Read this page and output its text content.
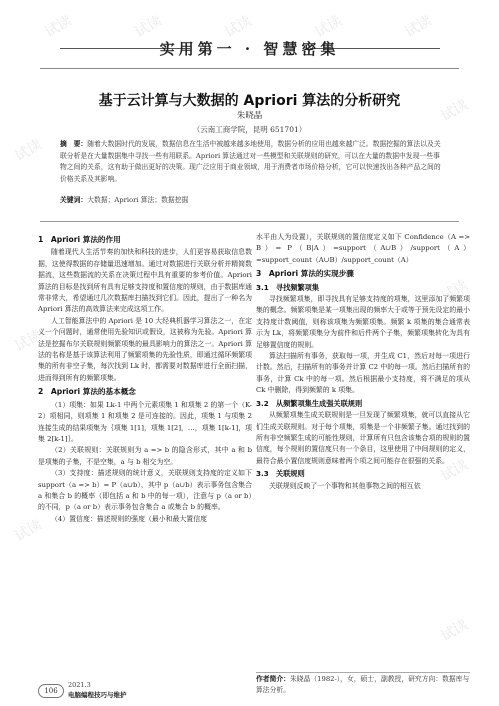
试读	试读	试读	试读	试读
试读
试读
试读
试读
试读
试读
试读
实用第一 · 智慧密集
基于云计算与大数据的 Apriori 算法的分析研究
朱晓晶
（云南工商学院，昆明 651701）
摘　要：随着大数据时代的发展，数据信息在生活中被越来越多地使用，数据分析的应用也越来越广泛。数据挖掘的算法以及关联分析是在大量数据集中寻找一些有用联系。Apriori 算法通过对一些模型和关联规则的研究，可以在大量的数据中发现一些事物之间的关系，这有助于做出更好的决策。现广泛应用于商业领域，用于消费者市场价格分析，它可以快速找出各种产品之间的价格关系及其影响。
关键词：大数据；Apriori 算法；数据挖掘
1　Apriori 算法的作用

随着现代人生活节奏的加快和科技的进步，人们更容易获取信息数据，这使得数据的存储量迅速增加。通过对数据进行关联分析并精简数据流，这些数据流的关系在决策过程中具有重要的参考价值。Apriori 算法的目标是找到所有具有足够支持度和置信度的规则，由于数据库通常非常大，希望通过几次数据库扫描找到它们。因此，提出了一种名为 Apriori 算法的高效算法来完成这项工作。

人工智能算法中的 Apriori 是 10 大经典机器学习算法之一，在定义一个问题时，通常使用先验知识或假设，这被称为先验。Apriori 算法是挖掘布尔关联规则频繁项集的最具影响力的算法之一。Apriori 算法的名称是基于该算法利用了频繁项集的先验性质，即通过循环频繁项集的所有非空子集，每次找到 Lk 时，都需要对数据库进行全面扫描，进而得到所有的频繁项集。

2　Apriori 算法的基本概念

（1）项集：如果 Lk-1 中两个元素项集 1 和项集 2 的第一个（K-2）项相同，则项集 1 和项集 2 是可连接的。因此，项集 1 与项集 2 连接生成的结果项集为｛项集 1[1]，项集 1[2]，…，项集 1[k-1]，项集 2[k-1]｝。

（2）关联规则：关联规则为 a => b 的隐含形式，其中 a 和 b 是项集的子集，不是空集，a 与 b 相交为空。

（3）支持度：描述规则的统计意义，关联规则支持度的定义如下 support（a => b）= P（a∪b），其中 p（a∪b）表示事务包含集合 a 和集合 b 的概率（即包括 a 和 b 中的每一项），注意与 p（a or b）的不同，p（a or b）表示事务包含集合 a 或集合 b 的概率。

（4）置信度：描述规则的强度（最小和最大置信度

水平由人为设置），关联规则的置信度定义如下 Confidence（A => B）= P（B|A）=support（A∪B）/support（A）=support_count（A∪B）/support_count（A）
3　Apriori 算法的实现步骤
3.1　寻找频繁项集

寻找频繁项集，即寻找具有足够支持度的项集，这里添加了频繁项集的概念。频繁项集是某一项集出现的频率大于或等于预先设定的最小支持度计数阈值，则称该项集为频繁项集。频繁 k 项集的集合通常表示为 Lk，将频繁项集分为前件和后件两个子集，频繁项集转化为具有足够置信度的规则。

算法扫描所有事务，获取每一项，并生成 C1，然后对每一项进行计数。然后，扫描所有的事务并计算 C2 中的每一项。然后扫描所有的事务，计算 Ck 中的每一项。然后根据最小支持度，将不满足的项从 Ck 中删除，得到频繁的 k 项集。

3.2　从频繁项集生成强关联规则

从频繁项集生成关联规则是一旦发现了频繁项集，就可以直接从它们生成关联规则。对于每个项集，项集是一个非频繁子集。通过找到的所有非空频繁生成的可能性规则，计算所有只包含该集合项的规则的置信度，每个规则的置信度只有一个条目，这里使用了中间规则的定义，最符合最小置信度规则意味着两个项之间可能存在很强的关系。

3.3　关联规则

关联规则反映了一个事物和其他事物之间的相互依

作者简介：朱晓晶（1982-），女，硕士，副教授，研究方向：数据库与算法分析。
106
2021.3
电脑编程技巧与维护
